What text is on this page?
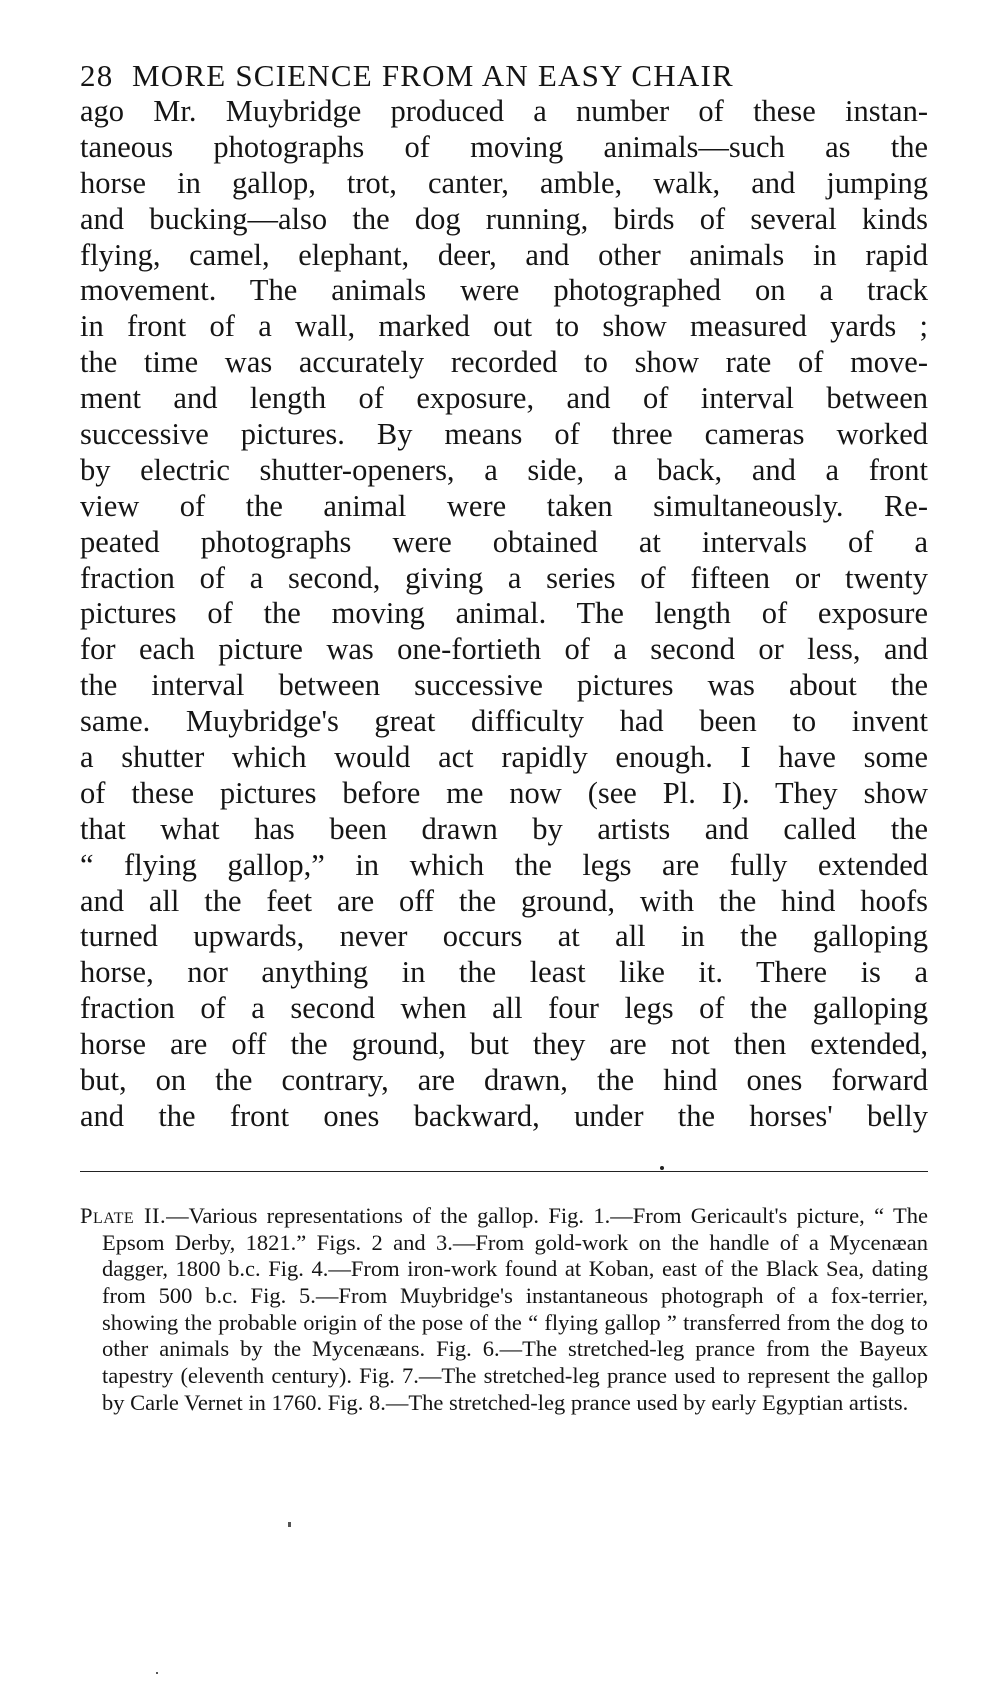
28 MORE SCIENCE FROM AN EASY CHAIR
ago Mr. Muybridge produced a number of these instan-
taneous photographs of moving animals—such as the
horse in gallop, trot, canter, amble, walk, and jumping
and bucking—also the dog running, birds of several kinds
flying, camel, elephant, deer, and other animals in rapid
movement. The animals were photographed on a track
in front of a wall, marked out to show measured yards ;
the time was accurately recorded to show rate of move-
ment and length of exposure, and of interval between
successive pictures. By means of three cameras worked
by electric shutter-openers, a side, a back, and a front
view of the animal were taken simultaneously. Re-
peated photographs were obtained at intervals of a
fraction of a second, giving a series of fifteen or twenty
pictures of the moving animal. The length of exposure
for each picture was one-fortieth of a second or less, and
the interval between successive pictures was about the
same. Muybridge's great difficulty had been to invent
a shutter which would act rapidly enough. I have some
of these pictures before me now (see Pl. I). They show
that what has been drawn by artists and called the
“ flying gallop,” in which the legs are fully extended
and all the feet are off the ground, with the hind hoofs
turned upwards, never occurs at all in the galloping
horse, nor anything in the least like it. There is a
fraction of a second when all four legs of the galloping
horse are off the ground, but they are not then extended,
but, on the contrary, are drawn, the hind ones forward
and the front ones backward, under the horses' belly
Plate II.—Various representations of the gallop. Fig. 1.—From Gericault's picture, “ The Epsom Derby, 1821.” Figs. 2 and 3.—From gold-work on the handle of a Mycenæan dagger, 1800 b.c. Fig. 4.—From iron-work found at Koban, east of the Black Sea, dating from 500 b.c. Fig. 5.—From Muybridge's instantaneous photograph of a fox-terrier, showing the probable origin of the pose of the “ flying gallop ” transferred from the dog to other animals by the Mycenæans. Fig. 6.—The stretched-leg prance from the Bayeux tapestry (eleventh century). Fig. 7.—The stretched-leg prance used to represent the gallop by Carle Vernet in 1760. Fig. 8.—The stretched-leg prance used by early Egyptian artists.
